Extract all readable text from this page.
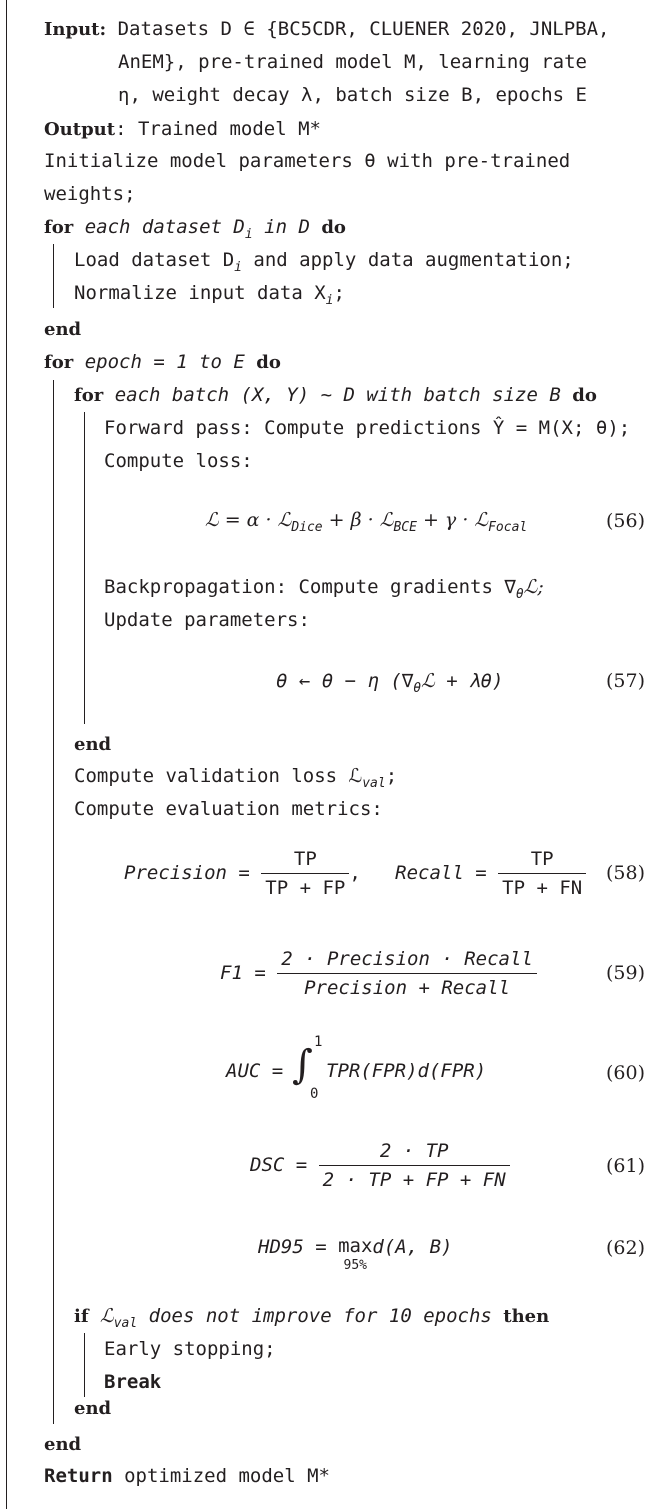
Input: Datasets D ∈ {BC5CDR, CLUENER 2020, JNLPBA,
AnEM}, pre-trained model M, learning rate
η, weight decay λ, batch size B, epochs E
Output: Trained model M*
Initialize model parameters θ with pre-trained
weights;
for each dataset $D_i$ in D do
Load dataset $D_i$ and apply data augmentation;
Normalize input data $X_i$;
end
for epoch = 1 to E do
for each batch (X, Y) ~ D with batch size B do
Forward pass: Compute predictions Ŷ = M(X; θ);
Compute loss:
ℒ = α · ℒ$_{Dice}$ + β · ℒ$_{BCE}$ + γ · ℒ$_{Focal}$	(56)
Backpropagation: Compute gradients $\nabla_\theta ℒ$;
Update parameters:
θ ← θ − η $(\nabla_\theta ℒ + \lambda\theta)$	(57)
end
Compute validation loss ℒ$_{val}$;
Compute evaluation metrics:
Precision = $\frac{TP}{TP + FP}$ , Recall = $\frac{TP}{TP + FN} (58)$
$F1 = \frac{\text{2 · Precision · Recall}}{\text{Precision + Recall}}$	(59)
AUC = ∫ 1
0
TPR(FPR)d(FPR)	(60)
DSC = $\frac{2 \cdot TP}{2 \cdot TP + FP + FN}$	(61)
HD95 = max
95%
d(A, B)	(62)
if ℒ$_{val}$ does not improve for 10 epochs then
Early stopping;
Break
end
end
Return optimized model M*
